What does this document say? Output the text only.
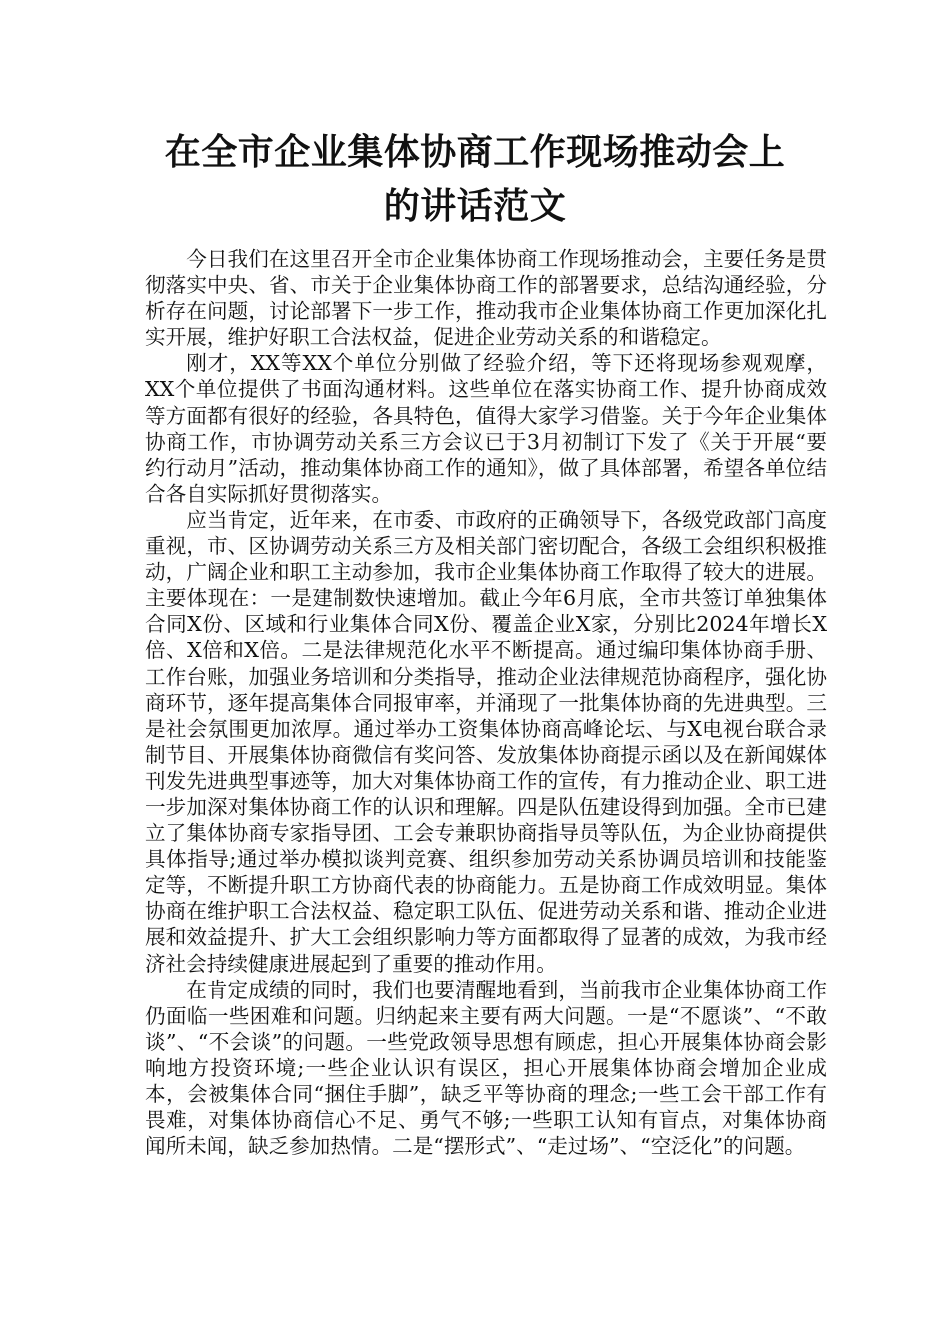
在全市企业集体协商工作现场推动会上
的讲话范文

今日我们在这里召开全市企业集体协商工作现场推动会，主要任务是贯彻落实中央、省、市关于企业集体协商工作的部署要求，总结沟通经验，分析存在问题，讨论部署下一步工作，推动我市企业集体协商工作更加深化扎实开展，维护好职工合法权益，促进企业劳动关系的和谐稳定。

刚才，XX等XX个单位分别做了经验介绍，等下还将现场参观观摩，XX个单位提供了书面沟通材料。这些单位在落实协商工作、提升协商成效等方面都有很好的经验，各具特色，值得大家学习借鉴。关于今年企业集体协商工作，市协调劳动关系三方会议已于3月初制订下发了《关于开展“要约行动月”活动，推动集体协商工作的通知》，做了具体部署，希望各单位结合各自实际抓好贯彻落实。

应当肯定，近年来，在市委、市政府的正确领导下，各级党政部门高度重视，市、区协调劳动关系三方及相关部门密切配合，各级工会组织积极推动，广阔企业和职工主动参加，我市企业集体协商工作取得了较大的进展。主要体现在：一是建制数快速增加。截止今年6月底，全市共签订单独集体合同X份、区域和行业集体合同X份、覆盖企业X家，分别比2024年增长X倍、X倍和X倍。二是法律规范化水平不断提高。通过编印集体协商手册、工作台账，加强业务培训和分类指导，推动企业法律规范协商程序，强化协商环节，逐年提高集体合同报审率，并涌现了一批集体协商的先进典型。三是社会氛围更加浓厚。通过举办工资集体协商高峰论坛、与X电视台联合录制节目、开展集体协商微信有奖问答、发放集体协商提示函以及在新闻媒体刊发先进典型事迹等，加大对集体协商工作的宣传，有力推动企业、职工进一步加深对集体协商工作的认识和理解。四是队伍建设得到加强。全市已建立了集体协商专家指导团、工会专兼职协商指导员等队伍，为企业协商提供具体指导;通过举办模拟谈判竞赛、组织参加劳动关系协调员培训和技能鉴定等，不断提升职工方协商代表的协商能力。五是协商工作成效明显。集体协商在维护职工合法权益、稳定职工队伍、促进劳动关系和谐、推动企业进展和效益提升、扩大工会组织影响力等方面都取得了显著的成效，为我市经济社会持续健康进展起到了重要的推动作用。

在肯定成绩的同时，我们也要清醒地看到，当前我市企业集体协商工作仍面临一些困难和问题。归纳起来主要有两大问题。一是“不愿谈”、“不敢谈”、“不会谈”的问题。一些党政领导思想有顾虑，担心开展集体协商会影响地方投资环境;一些企业认识有误区，担心开展集体协商会增加企业成本，会被集体合同“捆住手脚”，缺乏平等协商的理念;一些工会干部工作有畏难，对集体协商信心不足、勇气不够;一些职工认知有盲点，对集体协商闻所未闻，缺乏参加热情。二是“摆形式”、“走过场”、“空泛化”的问题。
